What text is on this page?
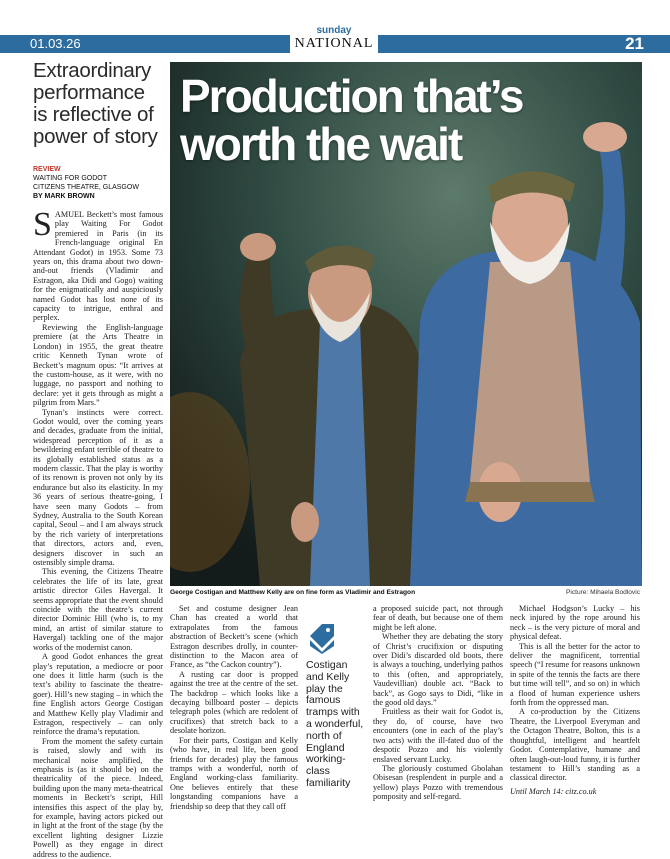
01.03.26
sunday
NATIONAL	21
Extraordinary performance is reflective of power of story
REVIEW
WAITING FOR GODOT
CITIZENS THEATRE, GLASGOW
BY MARK BROWN
S AMUEL Beckett’s most famous play Waiting For Godot premiered in Paris (in its French-language original En Attendant Godot) in 1953. Some 73 years on, this drama about two down-and-out friends (Vladimir and Estragon, aka Didi and Gogo) waiting for the enigmatically and auspiciously named Godot has lost none of its capacity to intrigue, enthral and perplex.

Reviewing the English-language premiere (at the Arts Theatre in London) in 1955, the great theatre critic Kenneth Tynan wrote of Beckett’s magnum opus: “It arrives at the custom-house, as it were, with no luggage, no passport and nothing to declare: yet it gets through as might a pilgrim from Mars.”

Tynan’s instincts were correct. Godot would, over the coming years and decades, graduate from the initial, widespread perception of it as a bewildering enfant terrible of theatre to its globally established status as a modern classic. That the play is worthy of its renown is proven not only by its endurance but also its elasticity. In my 36 years of serious theatre-going, I have seen many Godots – from Sydney, Australia to the South Korean capital, Seoul – and I am always struck by the rich variety of interpretations that directors, actors and, even, designers discover in such an ostensibly simple drama.

This evening, the Citizens Theatre celebrates the life of its late, great artistic director Giles Havergal. It seems appropriate that the event should coincide with the theatre’s current director Dominic Hill (who is, to my mind, an artist of similar stature to Havergal) tackling one of the major works of the modernist canon.

A good Godot enhances the great play’s reputation, a mediocre or poor one does it little harm (such is the text’s ability to fascinate the theatre-goer). Hill’s new staging – in which the fine English actors George Costigan and Matthew Kelly play Vladimir and Estragon, respectively – can only reinforce the drama’s reputation.

From the moment the safety curtain is raised, slowly and with its mechanical noise amplified, the emphasis is (as it should be) on the theatricality of the piece. Indeed, building upon the many meta-theatrical moments in Beckett’s script, Hill intensifies this aspect of the play by, for example, having actors picked out in light at the front of the stage (by the excellent lighting designer Lizzie Powell) as they engage in direct address to the audience.

Production that’s worth the wait
George Costigan and Matthew Kelly are on fine form as Vladimir and Estragon	Picture: Mihaela Bodlovic

Set and costume designer Jean Chan has created a world that extrapolates from the famous abstraction of Beckett’s scene (which Estragon describes drolly, in counter-distinction to the Macon area of France, as “the Cackon country”).

A rusting car door is propped against the tree at the centre of the set. The backdrop – which looks like a decaying billboard poster – depicts telegraph poles (which are redolent of crucifixes) that stretch back to a desolate horizon.

For their parts, Costigan and Kelly (who have, in real life, been good friends for decades) play the famous tramps with a wonderful, north of England working-class familiarity. One believes entirely that these longstanding companions have a friendship so deep that they call off

Costigan and Kelly play the famous tramps with a wonderful, north of England working-class familiarity

a proposed suicide pact, not through fear of death, but because one of them might be left alone.

Whether they are debating the story of Christ’s crucifixion or disputing over Didi’s discarded old boots, there is always a touching, underlying pathos to this (often, and appropriately, Vaudevillian) double act. “Back to back”, as Gogo says to Didi, “like in the good old days.”

Fruitless as their wait for Godot is, they do, of course, have two encounters (one in each of the play’s two acts) with the ill-fated duo of the despotic Pozzo and his violently enslaved servant Lucky.

The gloriously costumed Gbolahan Obisesan (resplendent in purple and a yellow) plays Pozzo with tremendous pomposity and self-regard.

Michael Hodgson’s Lucky – his neck injured by the rope around his neck – is the very picture of moral and physical defeat.

This is all the better for the actor to deliver the magnificent, torrential speech (“I resume for reasons unknown in spite of the tennis the facts are there but time will tell”, and so on) in which a flood of human experience ushers forth from the oppressed man.

A co-production by the Citizens Theatre, the Liverpool Everyman and the Octagon Theatre, Bolton, this is a thoughtful, intelligent and heartfelt Godot. Contemplative, humane and often laugh-out-loud funny, it is further testament to Hill’s standing as a classical director.

Until March 14: citz.co.uk
